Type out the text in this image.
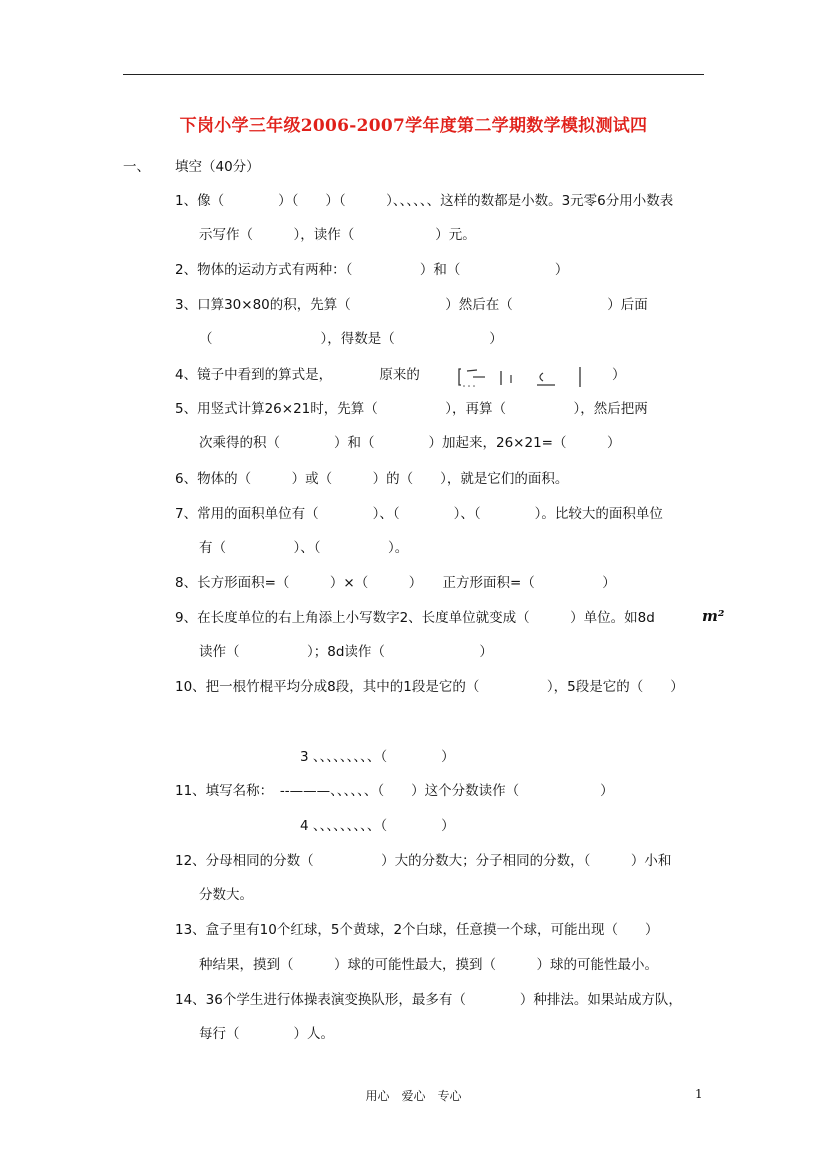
下岗小学三年级2006-2007学年度第二学期数学模拟测试四
一、 填空（40分）
1、像（　　　　）（　　）（　　　）、、、、、、这样的数都是小数。3元零6分用小数表
示写作（　　　），读作（　　　　　　）元。
2、物体的运动方式有两种：（　　　　　）和（　　　　　　　）
3、口算30×80的积，先算（　　　　　　　）然后在（　　　　　　　）后面
（　　　　　　　　），得数是（　　　　　　　）
4、镜子中看到的算式是，　　　　原来的	）
5、用竖式计算26×21时，先算（　　　　　），再算（　　　　　），然后把两
次乘得的积（　　　　）和（　　　　）加起来，26×21=（　　　）
6、物体的（　　　）或（　　　）的（　　），就是它们的面积。
7、常用的面积单位有（　　　　）、（　　　　）、（　　　　）。比较大的面积单位
有（　　　　　）、（　　　　　）。
8、长方形面积=（　　　）×（　　　）　　正方形面积=（　　　　　）
9、在长度单位的右上角添上小写数字2、长度单位就变成（　　　）单位。如8d	m²
读作（　　　　　）；8d读作（　　　　　　　）
10、把一根竹棍平均分成8段，其中的1段是它的（　　　　　），5段是它的（　　）
3 、、、、、、、、、（　　　　）
11、填写名称：　--———、、、、、、（　　）这个分数读作（　　　　　　）
4 、、、、、、、、、（　　　　）
12、分母相同的分数（　　　　　）大的分数大；分子相同的分数，（　　　）小和
分数大。
13、盒子里有10个红球，5个黄球，2个白球，任意摸一个球，可能出现（　　）
种结果，摸到（　　　）球的可能性最大，摸到（　　　）球的可能性最小。
14、36个学生进行体操表演变换队形，最多有（　　　　）种排法。如果站成方队，
每行（　　　　）人。
用心　爱心　专心	1
